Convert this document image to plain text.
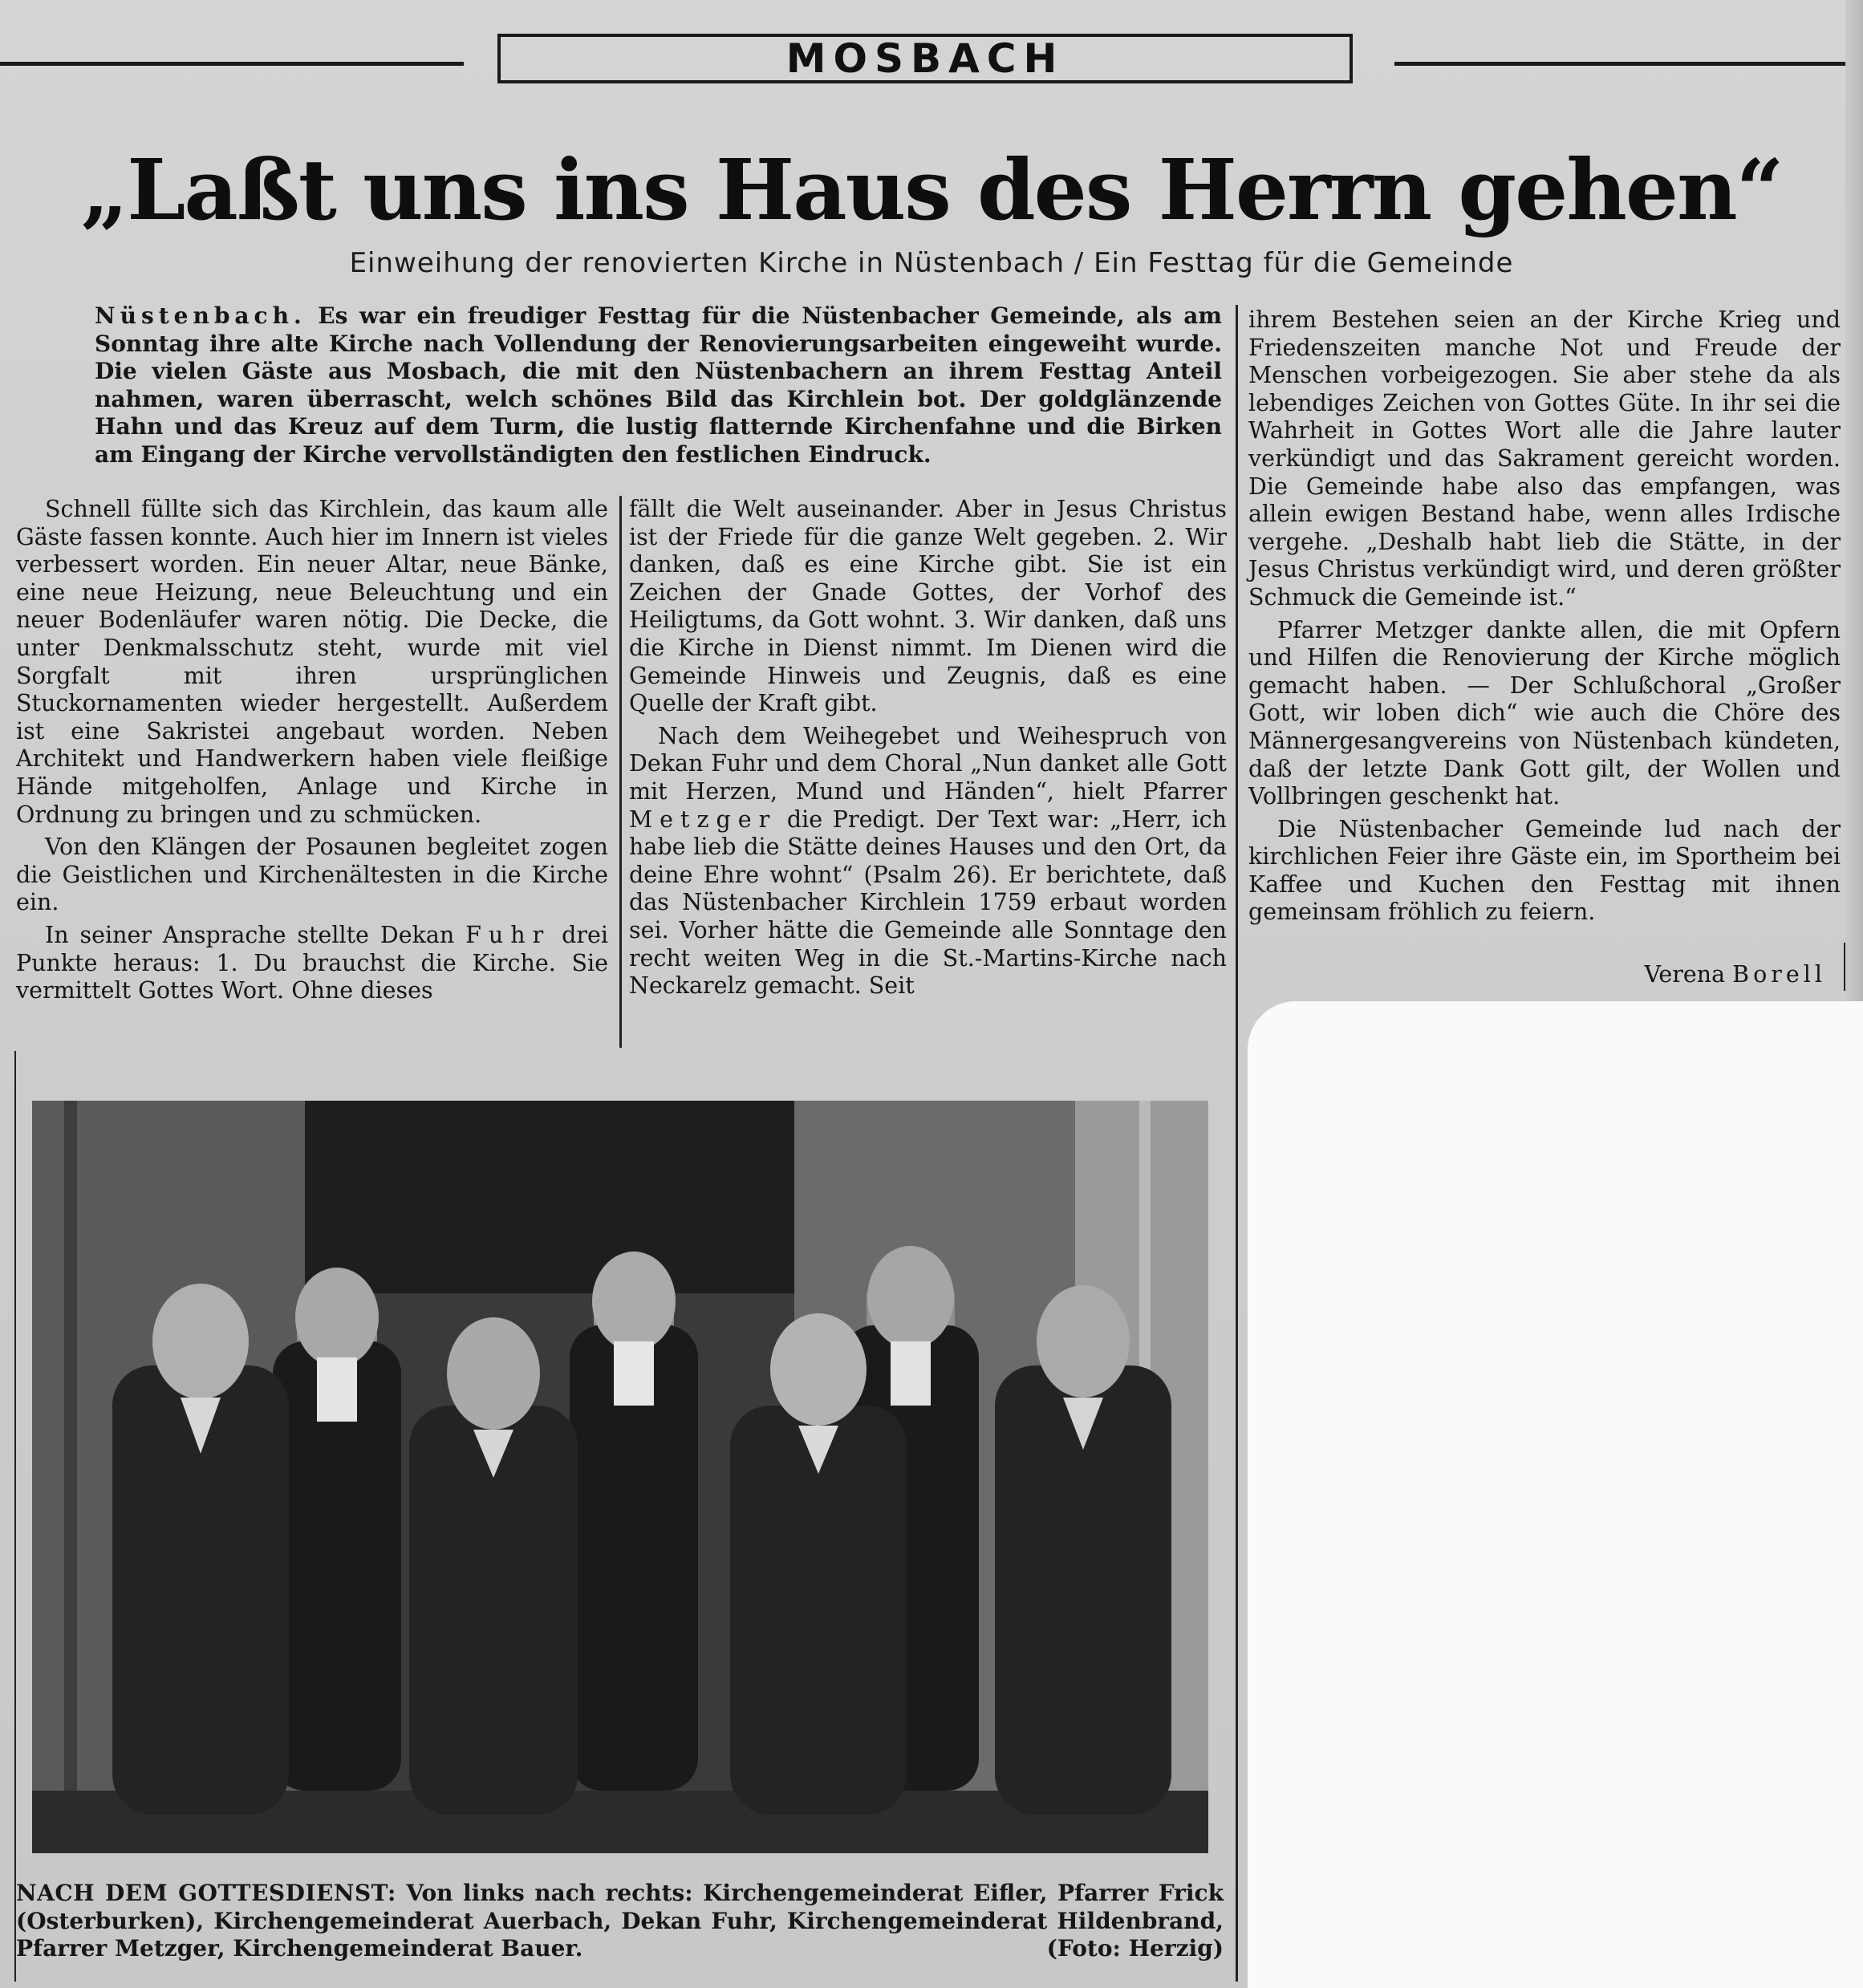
MOSBACH
„Laßt uns ins Haus des Herrn gehen“
Einweihung der renovierten Kirche in Nüstenbach / Ein Festtag für die Gemeinde
Nüstenbach. Es war ein freudiger Festtag für die Nüstenbacher Gemeinde, als am Sonntag ihre alte Kirche nach Vollendung der Renovierungsarbeiten eingeweiht wurde. Die vielen Gäste aus Mosbach, die mit den Nüstenbachern an ihrem Festtag Anteil nahmen, waren überrascht, welch schönes Bild das Kirchlein bot. Der goldglänzende Hahn und das Kreuz auf dem Turm, die lustig flatternde Kirchenfahne und die Birken am Eingang der Kirche vervollständigten den festlichen Eindruck.

Schnell füllte sich das Kirchlein, das kaum alle Gäste fassen konnte. Auch hier im Innern ist vieles verbessert worden. Ein neuer Altar, neue Bänke, eine neue Heizung, neue Beleuchtung und ein neuer Bodenläufer waren nötig. Die Decke, die unter Denkmalsschutz steht, wurde mit viel Sorgfalt mit ihren ursprünglichen Stuckornamenten wieder hergestellt. Außerdem ist eine Sakristei angebaut worden. Neben Architekt und Handwerkern haben viele fleißige Hände mitgeholfen, Anlage und Kirche in Ordnung zu bringen und zu schmücken.

Von den Klängen der Posaunen begleitet zogen die Geistlichen und Kirchenältesten in die Kirche ein.

In seiner Ansprache stellte Dekan Fuhr drei Punkte heraus: 1. Du brauchst die Kirche. Sie vermittelt Gottes Wort. Ohne dieses

fällt die Welt auseinander. Aber in Jesus Christus ist der Friede für die ganze Welt gegeben. 2. Wir danken, daß es eine Kirche gibt. Sie ist ein Zeichen der Gnade Gottes, der Vorhof des Heiligtums, da Gott wohnt. 3. Wir danken, daß uns die Kirche in Dienst nimmt. Im Dienen wird die Gemeinde Hinweis und Zeugnis, daß es eine Quelle der Kraft gibt.

Nach dem Weihegebet und Weihespruch von Dekan Fuhr und dem Choral „Nun danket alle Gott mit Herzen, Mund und Händen“, hielt Pfarrer Metzger die Predigt. Der Text war: „Herr, ich habe lieb die Stätte deines Hauses und den Ort, da deine Ehre wohnt“ (Psalm 26). Er berichtete, daß das Nüstenbacher Kirchlein 1759 erbaut worden sei. Vorher hätte die Gemeinde alle Sonntage den recht weiten Weg in die St.-Martins-Kirche nach Neckarelz gemacht. Seit

ihrem Bestehen seien an der Kirche Krieg und Friedenszeiten manche Not und Freude der Menschen vorbeigezogen. Sie aber stehe da als lebendiges Zeichen von Gottes Güte. In ihr sei die Wahrheit in Gottes Wort alle die Jahre lauter verkündigt und das Sakrament gereicht worden. Die Gemeinde habe also das empfangen, was allein ewigen Bestand habe, wenn alles Irdische vergehe. „Deshalb habt lieb die Stätte, in der Jesus Christus verkündigt wird, und deren größter Schmuck die Gemeinde ist.“

Pfarrer Metzger dankte allen, die mit Opfern und Hilfen die Renovierung der Kirche möglich gemacht haben. — Der Schlußchoral „Großer Gott, wir loben dich“ wie auch die Chöre des Männergesangvereins von Nüstenbach kündeten, daß der letzte Dank Gott gilt, der Wollen und Vollbringen geschenkt hat.

Die Nüstenbacher Gemeinde lud nach der kirchlichen Feier ihre Gäste ein, im Sportheim bei Kaffee und Kuchen den Festtag mit ihnen gemeinsam fröhlich zu feiern.

Verena Borell
NACH DEM GOTTESDIENST: Von links nach rechts: Kirchengemeinderat Eifler, Pfarrer Frick (Osterburken), Kirchengemeinderat Auerbach, Dekan Fuhr, Kirchengemeinderat Hildenbrand, Pfarrer Metzger, Kirchengemeinderat Bauer.	(Foto: Herzig)
